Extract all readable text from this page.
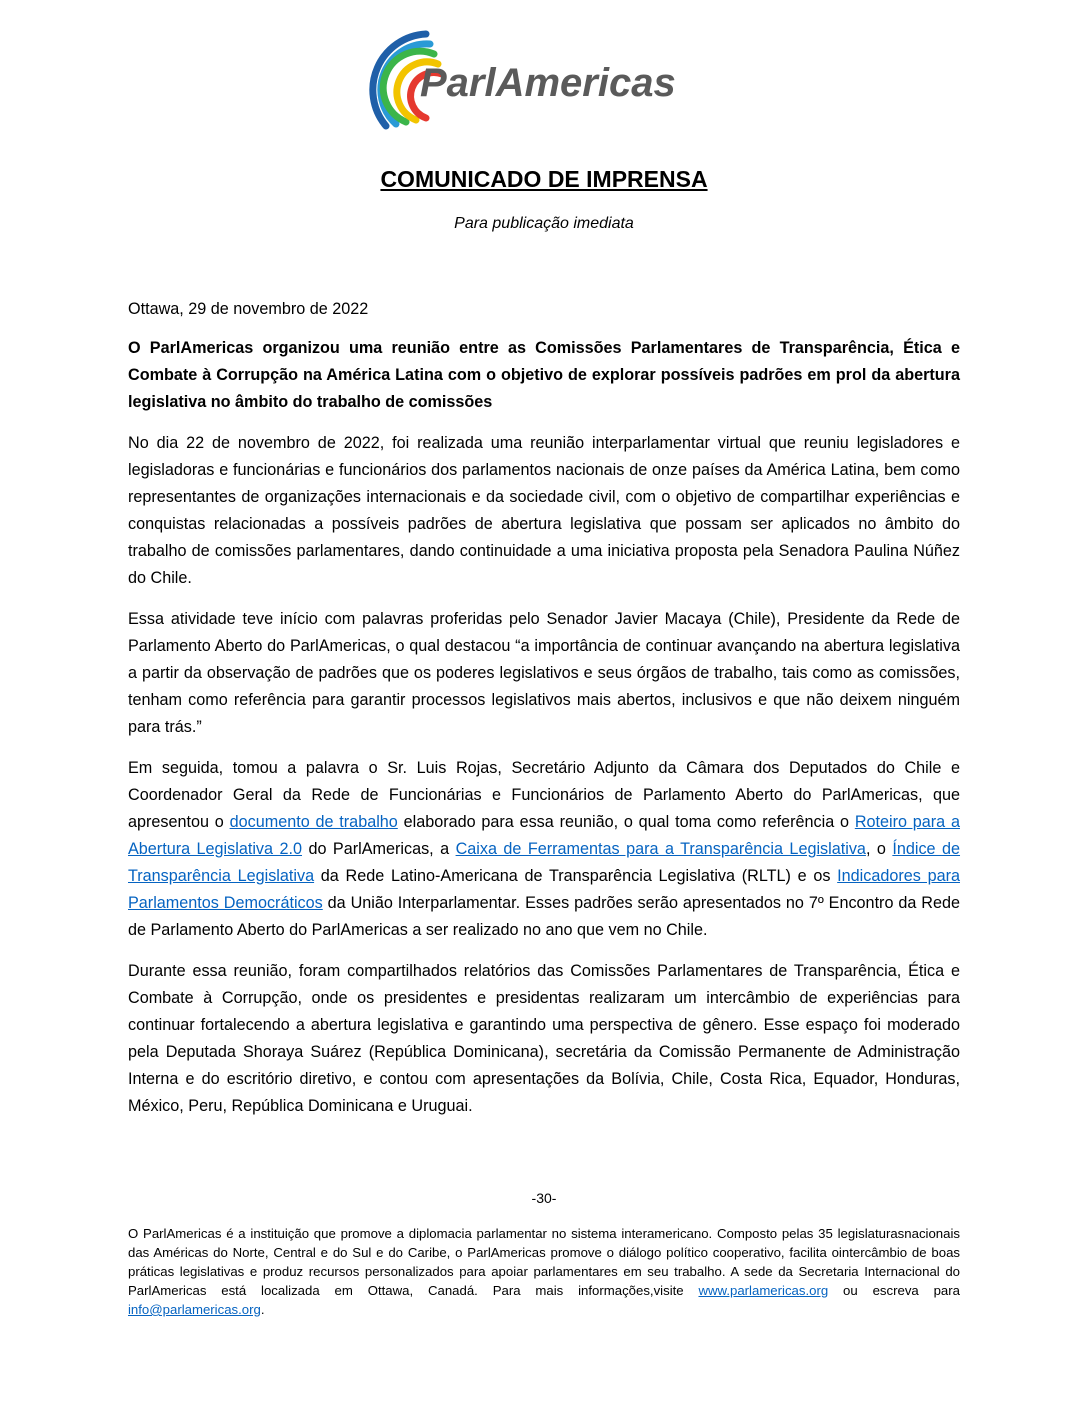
ParlAmericas
COMUNICADO DE IMPRENSA
Para publicação imediata

Ottawa, 29 de novembro de 2022

O ParlAmericas organizou uma reunião entre as Comissões Parlamentares de Transparência, Ética e Combate à Corrupção na América Latina com o objetivo de explorar possíveis padrões em prol da abertura legislativa no âmbito do trabalho de comissões

No dia 22 de novembro de 2022, foi realizada uma reunião interparlamentar virtual que reuniu legisladores e legisladoras e funcionárias e funcionários dos parlamentos nacionais de onze países da América Latina, bem como representantes de organizações internacionais e da sociedade civil, com o objetivo de compartilhar experiências e conquistas relacionadas a possíveis padrões de abertura legislativa que possam ser aplicados no âmbito do trabalho de comissões parlamentares, dando continuidade a uma iniciativa proposta pela Senadora Paulina Núñez do Chile.

Essa atividade teve início com palavras proferidas pelo Senador Javier Macaya (Chile), Presidente da Rede de Parlamento Aberto do ParlAmericas, o qual destacou “a importância de continuar avançando na abertura legislativa a partir da observação de padrões que os poderes legislativos e seus órgãos de trabalho, tais como as comissões, tenham como referência para garantir processos legislativos mais abertos, inclusivos e que não deixem ninguém para trás.”

Em seguida, tomou a palavra o Sr. Luis Rojas, Secretário Adjunto da Câmara dos Deputados do Chile e Coordenador Geral da Rede de Funcionárias e Funcionários de Parlamento Aberto do ParlAmericas, que apresentou o documento de trabalho elaborado para essa reunião, o qual toma como referência o Roteiro para a Abertura Legislativa 2.0 do ParlAmericas, a Caixa de Ferramentas para a Transparência Legislativa, o Índice de Transparência Legislativa da Rede Latino-Americana de Transparência Legislativa (RLTL) e os Indicadores para Parlamentos Democráticos da União Interparlamentar. Esses padrões serão apresentados no 7º Encontro da Rede de Parlamento Aberto do ParlAmericas a ser realizado no ano que vem no Chile.

Durante essa reunião, foram compartilhados relatórios das Comissões Parlamentares de Transparência, Ética e Combate à Corrupção, onde os presidentes e presidentas realizaram um intercâmbio de experiências para continuar fortalecendo a abertura legislativa e garantindo uma perspectiva de gênero. Esse espaço foi moderado pela Deputada Shoraya Suárez (República Dominicana), secretária da Comissão Permanente de Administração Interna e do escritório diretivo, e contou com apresentações da Bolívia, Chile, Costa Rica, Equador, Honduras, México, Peru, República Dominicana e Uruguai.

-30-
O ParlAmericas é a instituição que promove a diplomacia parlamentar no sistema interamericano. Composto pelas 35 legislaturasnacionais das Américas do Norte, Central e do Sul e do Caribe, o ParlAmericas promove o diálogo político cooperativo, facilita ointercâmbio de boas práticas legislativas e produz recursos personalizados para apoiar parlamentares em seu trabalho. A sede da Secretaria Internacional do ParlAmericas está localizada em Ottawa, Canadá. Para mais informações,visite www.parlamericas.org ou escreva para info@parlamericas.org.
